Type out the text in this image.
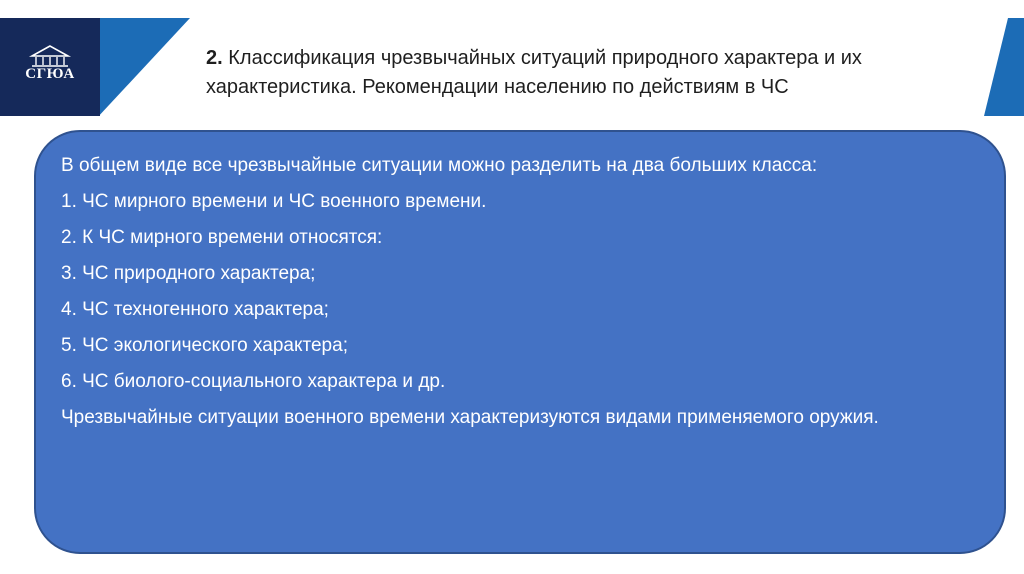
СГЮА
2. Классификация чрезвычайных ситуаций природного характера и их характеристика. Рекомендации населению по действиям в ЧС

В общем виде все чрезвычайные ситуации можно разделить на два больших класса:

1. ЧС мирного времени и ЧС военного времени.

2. К ЧС мирного времени относятся:

3. ЧС природного характера;

4. ЧС техногенного характера;

5. ЧС экологического характера;

6. ЧС биолого-социального характера и др.

Чрезвычайные ситуации военного времени характеризуются видами применяемого оружия.
